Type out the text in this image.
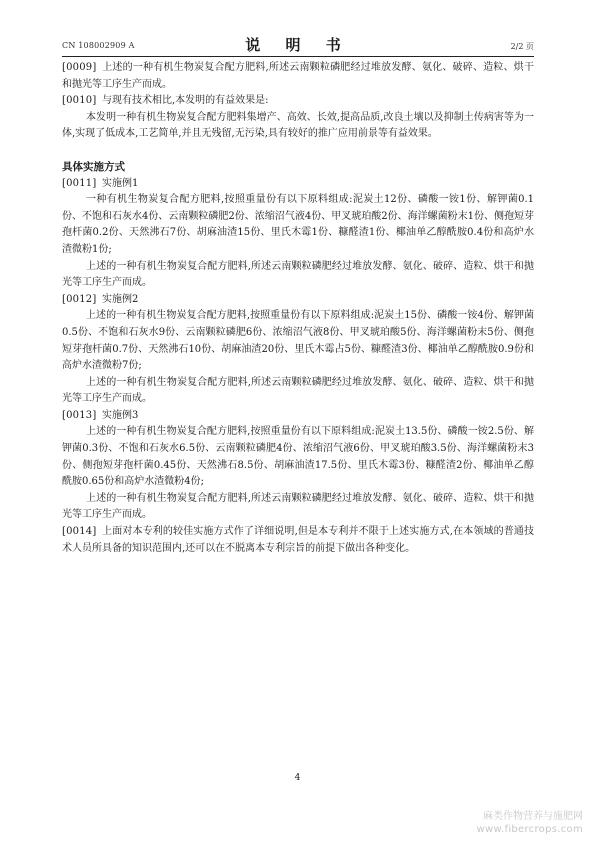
CN 108002909 A	说 明 书	2/2 页
[0009] 上述的一种有机生物炭复合配方肥料,所述云南颗粒磷肥经过堆放发酵、氨化、破碎、造粒、烘干和抛光等工序生产而成。
[0010] 与现有技术相比,本发明的有益效果是:
本发明一种有机生物炭复合配方肥料集增产、高效、长效,提高品质,改良土壤以及抑制土传病害等为一体,实现了低成本,工艺简单,并且无残留,无污染,具有较好的推广应用前景等有益效果。
具体实施方式
[0011] 实施例1
一种有机生物炭复合配方肥料,按照重量份有以下原料组成:泥炭土12份、磷酸一铵1份、解钾菌0.1份、不饱和石灰水4份、云南颗粒磷肥2份、浓缩沼气液4份、甲叉琥珀酸2份、海洋螺菌粉末1份、侧孢短芽孢杆菌0.2份、天然沸石7份、胡麻油渣15份、里氏木霉1份、糠醛渣1份、椰油单乙醇酰胺0.4份和高炉水渣微粉1份;
上述的一种有机生物炭复合配方肥料,所述云南颗粒磷肥经过堆放发酵、氨化、破碎、造粒、烘干和抛光等工序生产而成。
[0012] 实施例2
上述的一种有机生物炭复合配方肥料,按照重量份有以下原料组成:泥炭土15份、磷酸一铵4份、解钾菌0.5份、不饱和石灰水9份、云南颗粒磷肥6份、浓缩沼气液8份、甲叉琥珀酸5份、海洋螺菌粉末5份、侧孢短芽孢杆菌0.7份、天然沸石10份、胡麻油渣20份、里氏木霉占5份、糠醛渣3份、椰油单乙醇酰胺0.9份和高炉水渣微粉7份;
上述的一种有机生物炭复合配方肥料,所述云南颗粒磷肥经过堆放发酵、氨化、破碎、造粒、烘干和抛光等工序生产而成。
[0013] 实施例3
上述的一种有机生物炭复合配方肥料,按照重量份有以下原料组成:泥炭土13.5份、磷酸一铵2.5份、解钾菌0.3份、不饱和石灰水6.5份、云南颗粒磷肥4份、浓缩沼气液6份、甲叉琥珀酸3.5份、海洋螺菌粉末3份、侧孢短芽孢杆菌0.45份、天然沸石8.5份、胡麻油渣17.5份、里氏木霉3份、糠醛渣2份、椰油单乙醇酰胺0.65份和高炉水渣微粉4份;
上述的一种有机生物炭复合配方肥料,所述云南颗粒磷肥经过堆放发酵、氨化、破碎、造粒、烘干和抛光等工序生产而成。
[0014] 上面对本专利的较佳实施方式作了详细说明,但是本专利并不限于上述实施方式,在本领域的普通技术人员所具备的知识范围内,还可以在不脱离本专利宗旨的前提下做出各种变化。
4
麻类作物营养与施肥网
www.fibercrops.com
